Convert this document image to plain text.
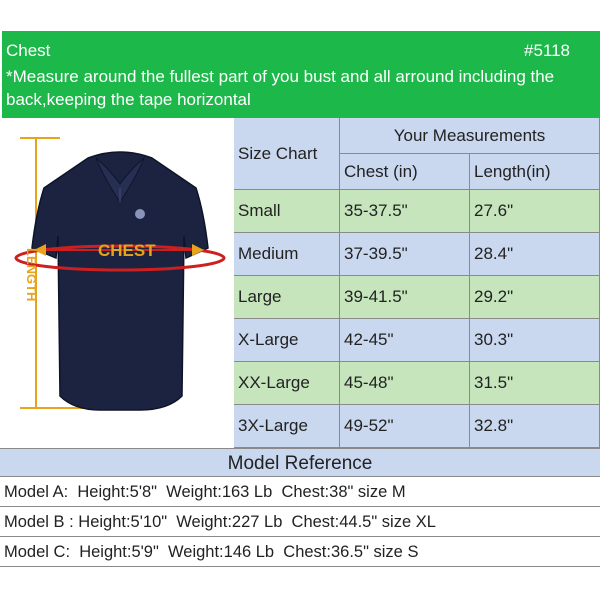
Chest	#5118
*Measure around the fullest part of you bust and all arround including the back,keeping the tape horizontal
CHEST
LENGTH
Size Chart
Your Measurements
Chest (in)	Length(in)
Small	35-37.5"	27.6"
Medium	37-39.5"	28.4"
Large	39-41.5"	29.2"
X-Large	42-45"	30.3"
XX-Large	45-48"	31.5"
3X-Large	49-52"	32.8"
Model Reference
Model A:  Height:5'8"  Weight:163 Lb  Chest:38" size M
Model B : Height:5'10"  Weight:227 Lb  Chest:44.5" size XL
Model C:  Height:5'9"  Weight:146 Lb  Chest:36.5" size S
